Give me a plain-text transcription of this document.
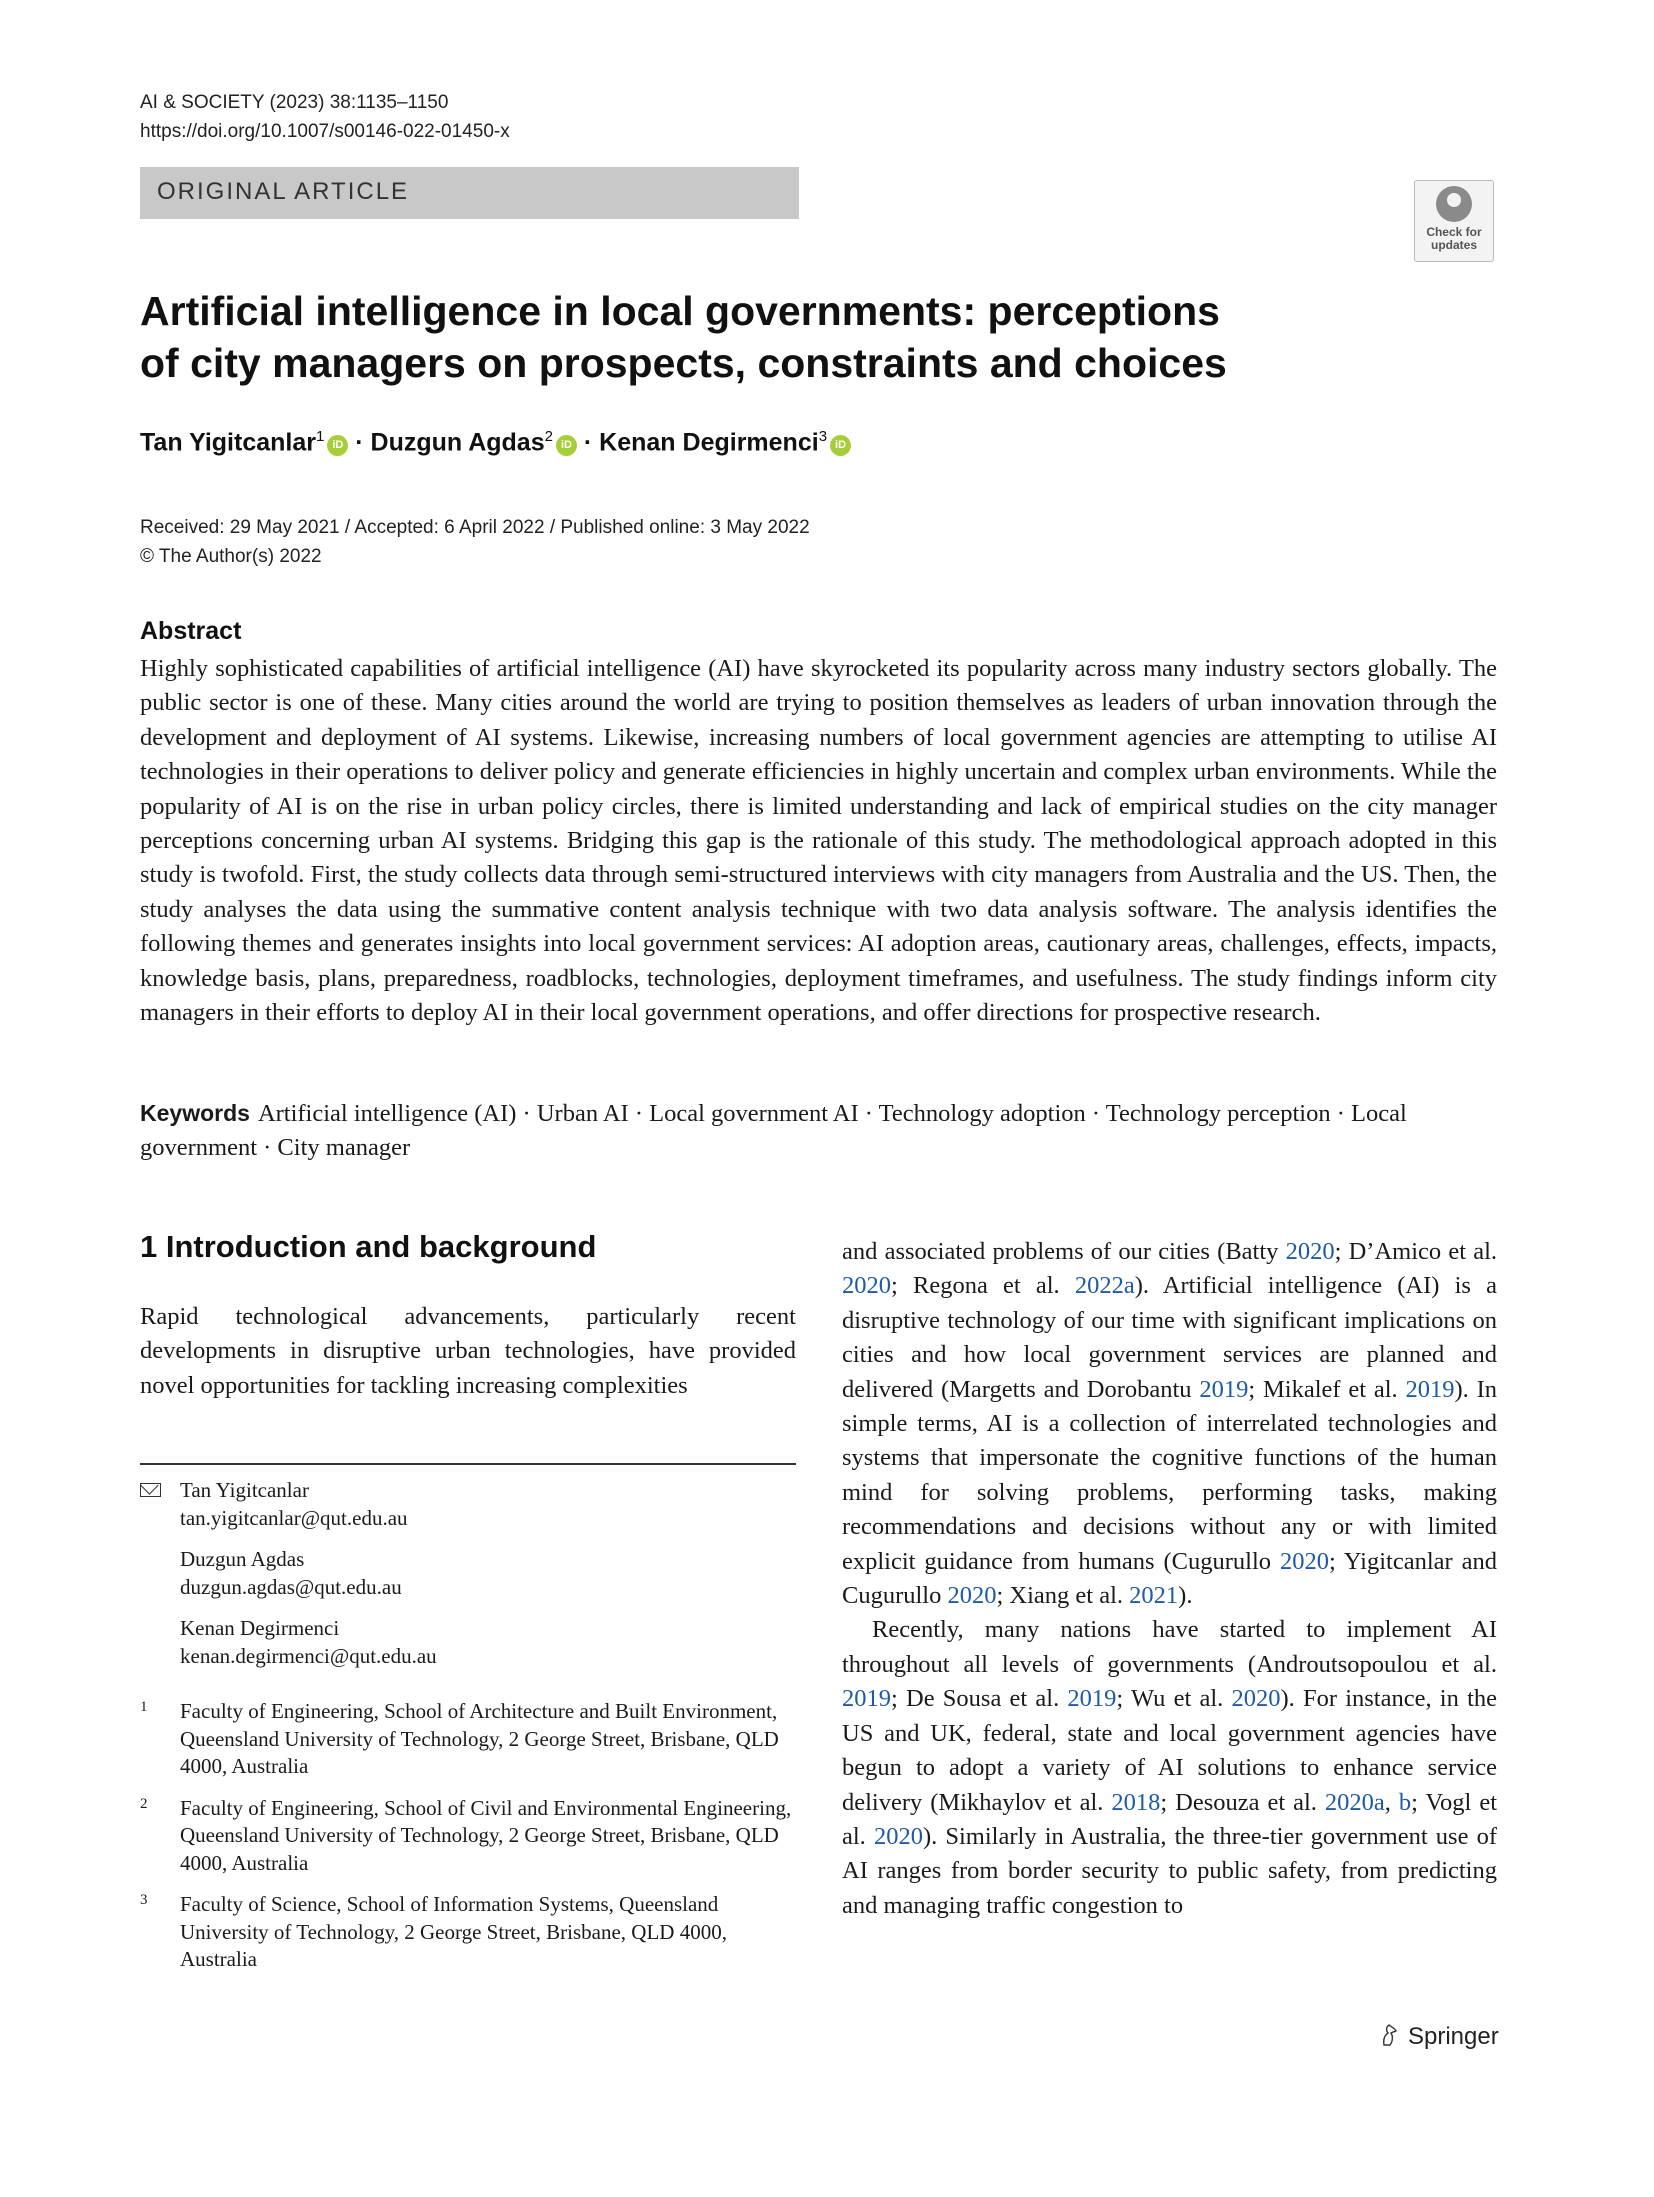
AI & SOCIETY (2023) 38:1135–1150
https://doi.org/10.1007/s00146-022-01450-x
ORIGINAL ARTICLE
Check for
updates
Artificial intelligence in local governments: perceptions of city managers on prospects, constraints and choices
Tan Yigitcanlar$^1$iD · Duzgun Agdas$^2$iD · Kenan Degirmenci$^3$iD
Received: 29 May 2021 / Accepted: 6 April 2022 / Published online: 3 May 2022
© The Author(s) 2022
Abstract
Highly sophisticated capabilities of artificial intelligence (AI) have skyrocketed its popularity across many industry sectors globally. The public sector is one of these. Many cities around the world are trying to position themselves as leaders of urban innovation through the development and deployment of AI systems. Likewise, increasing numbers of local government agencies are attempting to utilise AI technologies in their operations to deliver policy and generate efficiencies in highly uncertain and complex urban environments. While the popularity of AI is on the rise in urban policy circles, there is limited understanding and lack of empirical studies on the city manager perceptions concerning urban AI systems. Bridging this gap is the rationale of this study. The methodological approach adopted in this study is twofold. First, the study collects data through semi-structured interviews with city managers from Australia and the US. Then, the study analyses the data using the summative content analysis technique with two data analysis software. The analysis identifies the following themes and generates insights into local government services: AI adoption areas, cautionary areas, challenges, effects, impacts, knowledge basis, plans, preparedness, roadblocks, technologies, deployment timeframes, and usefulness. The study findings inform city managers in their efforts to deploy AI in their local government operations, and offer directions for prospective research.
Keywords Artificial intelligence (AI) · Urban AI · Local government AI · Technology adoption · Technology perception · Local government · City manager
1 Introduction and background
Rapid technological advancements, particularly recent developments in disruptive urban technologies, have provided novel opportunities for tackling increasing complexities

and associated problems of our cities (Batty 2020; D’Amico et al. 2020; Regona et al. 2022a). Artificial intelligence (AI) is a disruptive technology of our time with significant implications on cities and how local government services are planned and delivered (Margetts and Dorobantu 2019; Mikalef et al. 2019). In simple terms, AI is a collection of interrelated technologies and systems that impersonate the cognitive functions of the human mind for solving problems, performing tasks, making recommendations and decisions without any or with limited explicit guidance from humans (Cugurullo 2020; Yigitcanlar and Cugurullo 2020; Xiang et al. 2021).

Recently, many nations have started to implement AI throughout all levels of governments (Androutsopoulou et al. 2019; De Sousa et al. 2019; Wu et al. 2020). For instance, in the US and UK, federal, state and local government agencies have begun to adopt a variety of AI solutions to enhance service delivery (Mikhaylov et al. 2018; Desouza et al. 2020a, b; Vogl et al. 2020). Similarly in Australia, the three-tier government use of AI ranges from border security to public safety, from predicting and managing traffic congestion to

Tan Yigitcanlar
tan.yigitcanlar@qut.edu.au
Duzgun Agdas
duzgun.agdas@qut.edu.au
Kenan Degirmenci
kenan.degirmenci@qut.edu.au
1 Faculty of Engineering, School of Architecture and Built Environment, Queensland University of Technology, 2 George Street, Brisbane, QLD 4000, Australia
2 Faculty of Engineering, School of Civil and Environmental Engineering, Queensland University of Technology, 2 George Street, Brisbane, QLD 4000, Australia
3 Faculty of Science, School of Information Systems, Queensland University of Technology, 2 George Street, Brisbane, QLD 4000, Australia
Springer
